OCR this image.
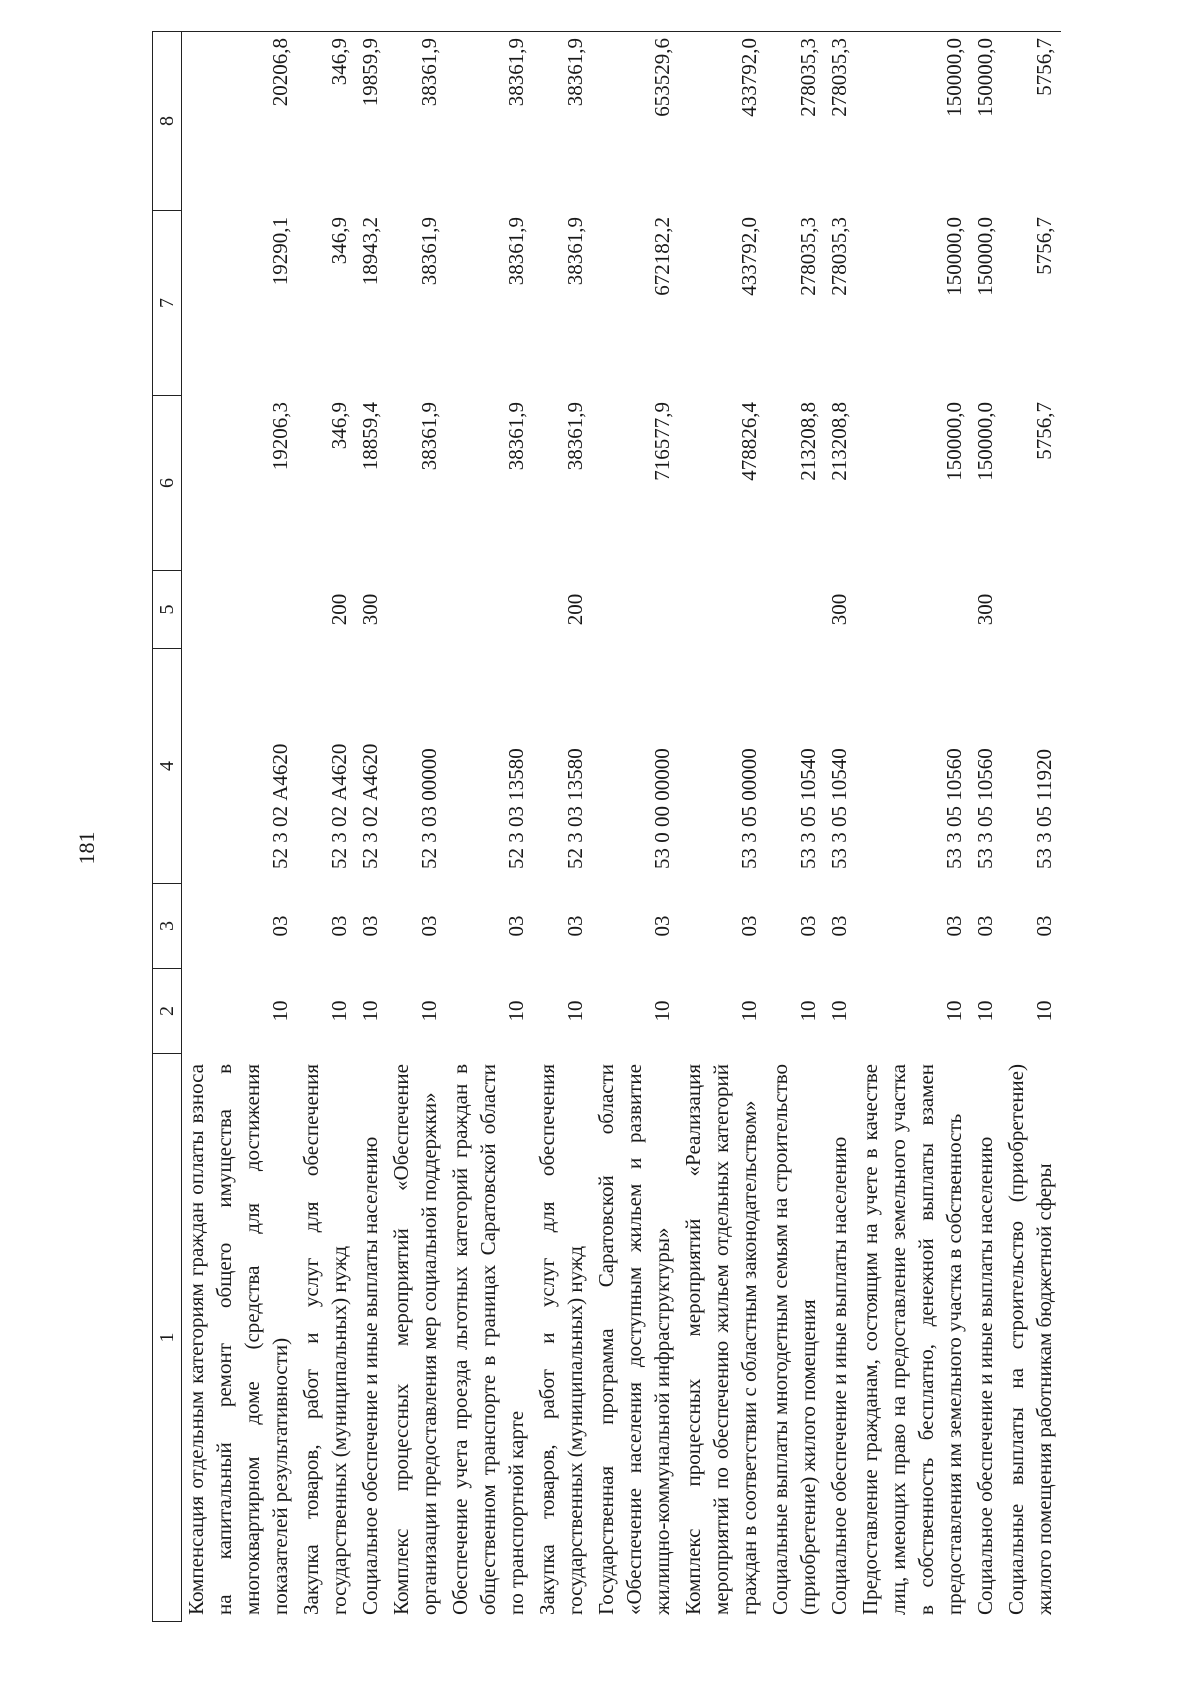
181
1	2	3	4	5	6	7	8

Компенсация отдельным категориям граждан оплаты взноса на капитальный ремонт общего имущества в многоквартирном доме (средства для достижения показателей результативности)	10	03	52 3 02 А4620		19206,3	19290,1	20206,8

Закупка товаров, работ и услуг для обеспечения государственных (муниципальных) нужд	10	03	52 3 02 А4620	200	346,9	346,9	346,9

Социальное обеспечение и иные выплаты населению	10	03	52 3 02 А4620	300	18859,4	18943,2	19859,9

Комплекс процессных мероприятий «Обеспечение организации предоставления мер социальной поддержки»	10	03	52 3 03 00000		38361,9	38361,9	38361,9

Обеспечение учета проезда льготных категорий граждан в общественном транспорте в границах Саратовской области по транспортной карте	10	03	52 3 03 13580		38361,9	38361,9	38361,9

Закупка товаров, работ и услуг для обеспечения государственных (муниципальных) нужд	10	03	52 3 03 13580	200	38361,9	38361,9	38361,9

Государственная программа Саратовской области «Обеспечение населения доступным жильем и развитие жилищно-коммунальной инфраструктуры»	10	03	53 0 00 00000		716577,9	672182,2	653529,6

Комплекс процессных мероприятий «Реализация мероприятий по обеспечению жильем отдельных категорий граждан в соответствии с областным законодательством»	10	03	53 3 05 00000		478826,4	433792,0	433792,0

Социальные выплаты многодетным семьям на строительство (приобретение) жилого помещения	10	03	53 3 05 10540		213208,8	278035,3	278035,3

Социальное обеспечение и иные выплаты населению	10	03	53 3 05 10540	300	213208,8	278035,3	278035,3

Предоставление гражданам, состоящим на учете в качестве лиц, имеющих право на предоставление земельного участка в собственность бесплатно, денежной выплаты взамен предоставления им земельного участка в собственность	10	03	53 3 05 10560		150000,0	150000,0	150000,0

Социальное обеспечение и иные выплаты населению	10	03	53 3 05 10560	300	150000,0	150000,0	150000,0

Социальные выплаты на строительство (приобретение) жилого помещения работникам бюджетной сферы	10	03	53 3 05 11920		5756,7	5756,7	5756,7
